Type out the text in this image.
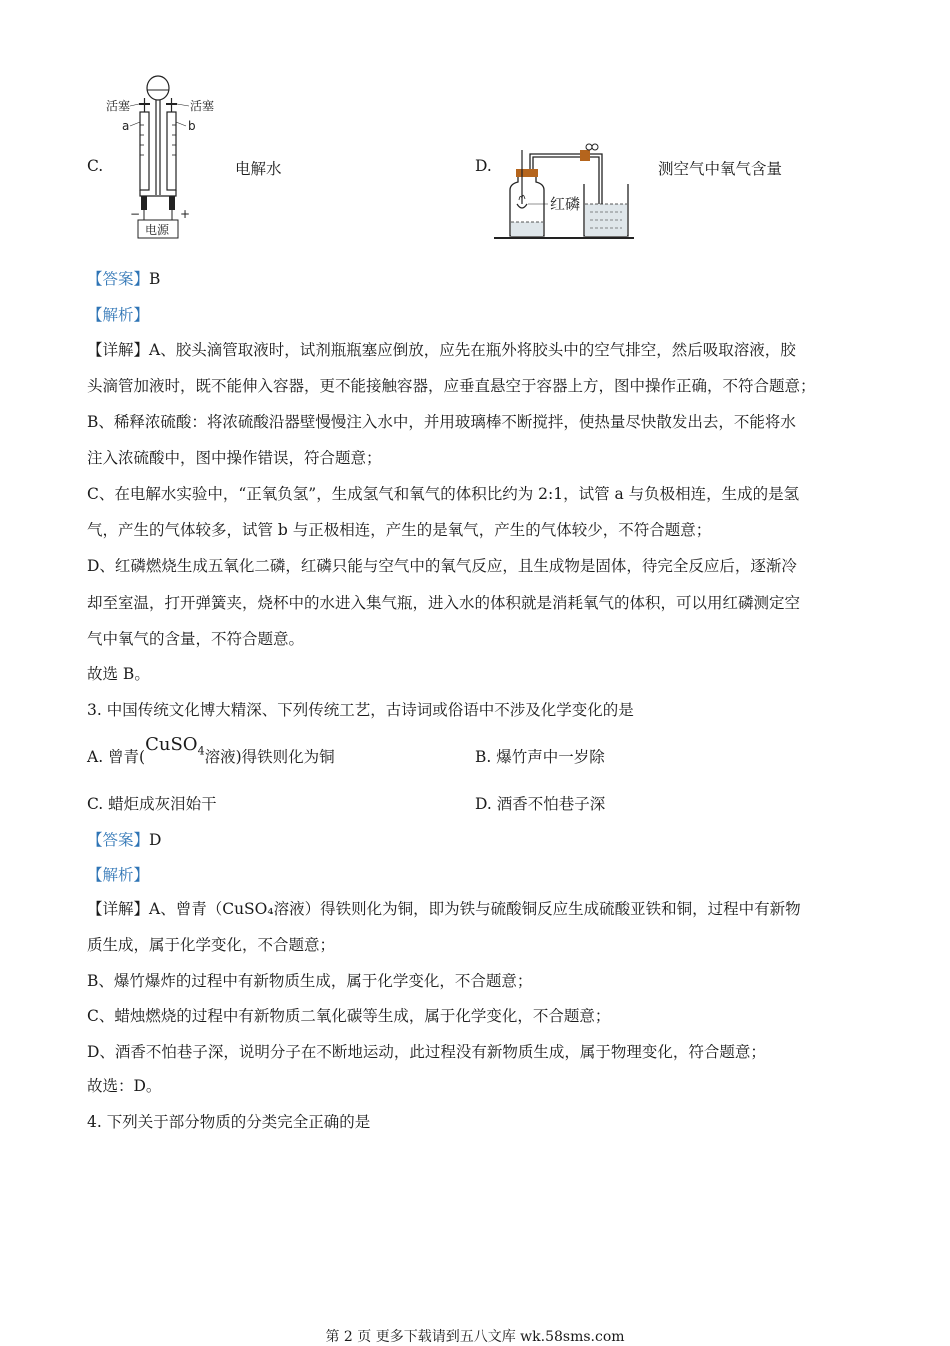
C.
活塞	活塞
a	b
−	+
电源
电解水	D.
红磷
测空气中氧气含量
【答案】B
【解析】
【详解】A、胶头滴管取液时，试剂瓶瓶塞应倒放，应先在瓶外将胶头中的空气排空，然后吸取溶液，胶
头滴管加液时，既不能伸入容器，更不能接触容器，应垂直悬空于容器上方，图中操作正确，不符合题意；
B、稀释浓硫酸：将浓硫酸沿器壁慢慢注入水中，并用玻璃棒不断搅拌，使热量尽快散发出去，不能将水
注入浓硫酸中，图中操作错误，符合题意；
C、在电解水实验中，“正氧负氢”，生成氢气和氧气的体积比约为 2:1，试管 a 与负极相连，生成的是氢
气，产生的气体较多，试管 b 与正极相连，产生的是氧气，产生的气体较少，不符合题意；
D、红磷燃烧生成五氧化二磷，红磷只能与空气中的氧气反应，且生成物是固体，待完全反应后，逐渐冷
却至室温，打开弹簧夹，烧杯中的水进入集气瓶，进入水的体积就是消耗氧气的体积，可以用红磷测定空
气中氧气的含量，不符合题意。
故选 B。
3. 中国传统文化博大精深、下列传统工艺，古诗词或俗语中不涉及化学变化的是
A. 曾青(CuSO$_4$溶液)得铁则化为铜	B. 爆竹声中一岁除
C. 蜡炬成灰泪始干	D. 酒香不怕巷子深
【答案】D
【解析】
【详解】A、曾青（CuSO₄溶液）得铁则化为铜，即为铁与硫酸铜反应生成硫酸亚铁和铜，过程中有新物
质生成，属于化学变化，不合题意；
B、爆竹爆炸的过程中有新物质生成，属于化学变化，不合题意；
C、蜡烛燃烧的过程中有新物质二氧化碳等生成，属于化学变化，不合题意；
D、酒香不怕巷子深，说明分子在不断地运动，此过程没有新物质生成，属于物理变化，符合题意；
故选：D。
4. 下列关于部分物质的分类完全正确的是
第 2 页 更多下载请到五八文库 wk.58sms.com
